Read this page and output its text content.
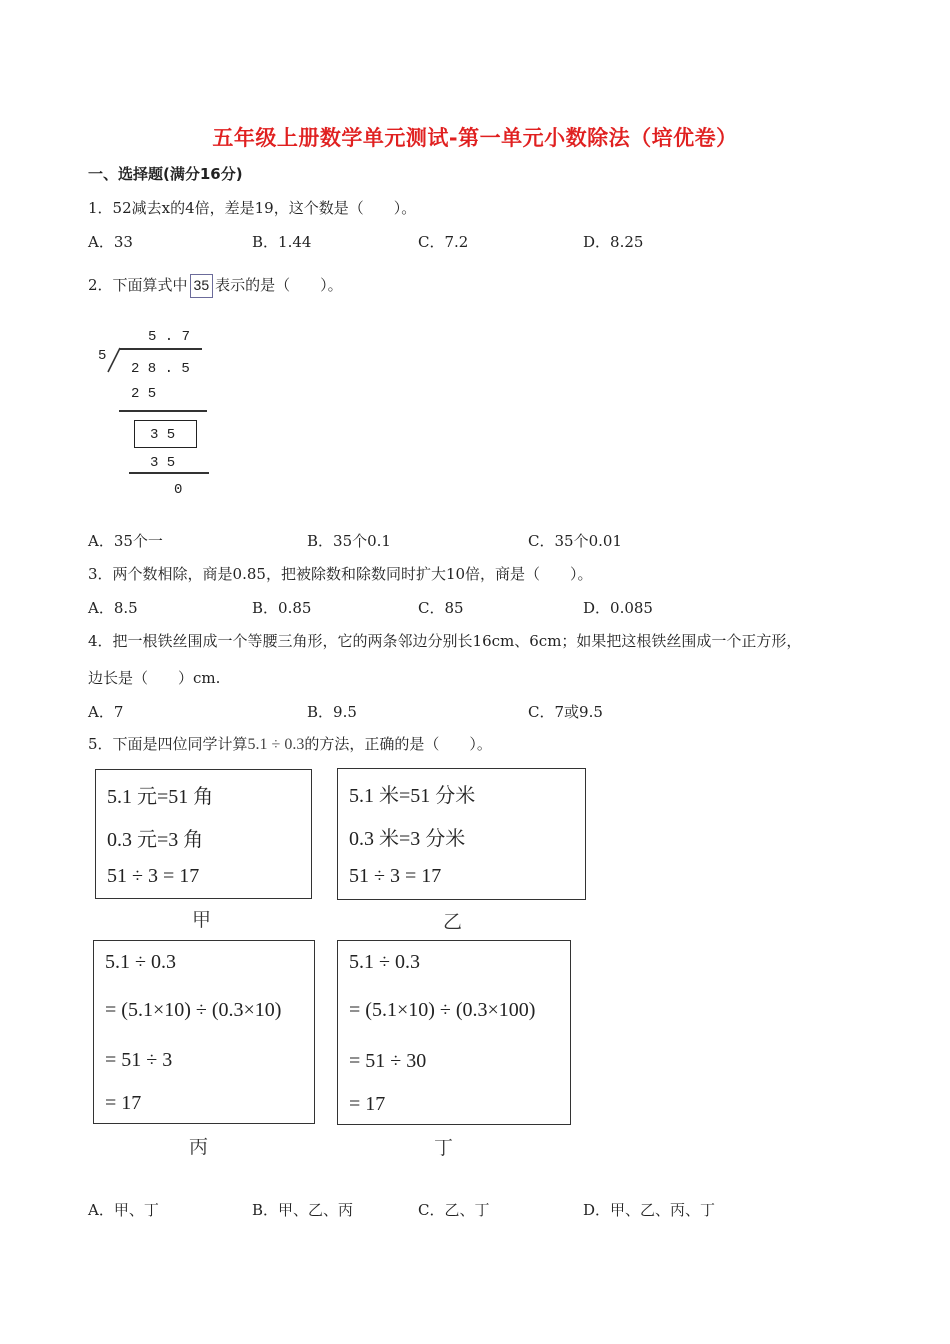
五年级上册数学单元测试-第一单元小数除法（培优卷）
一、选择题(满分16分)
1．52减去x的4倍，差是19，这个数是（　　）。
A．33	B．1.44	C．7.2	D．8.25
2．下面算式中 35 表示的是（　　）。
5 . 7
5
2 8 . 5
2 5
3 5
3 5
0
A．35个一	B．35个0.1	C．35个0.01
3．两个数相除，商是0.85，把被除数和除数同时扩大10倍，商是（　　）。
A．8.5	B．0.85	C．85	D．0.085
4．把一根铁丝围成一个等腰三角形，它的两条邻边分别长16cm、6cm；如果把这根铁丝围成一个正方形，
边长是（　　）cm.
A．7	B．9.5	C．7或9.5
5．下面是四位同学计算5.1 ÷ 0.3的方法，正确的是（　　）。
5.1 元=51 角
0.3 元=3 角
51 ÷ 3 = 17
甲
5.1 米=51 分米
0.3 米=3 分米
51 ÷ 3 = 17
乙
5.1 ÷ 0.3
= (5.1×10) ÷ (0.3×10)
= 51 ÷ 3
= 17
丙
5.1 ÷ 0.3
= (5.1×10) ÷ (0.3×100)
= 51 ÷ 30
= 17
丁
A．甲、丁	B．甲、乙、丙	C．乙、丁	D．甲、乙、丙、丁
